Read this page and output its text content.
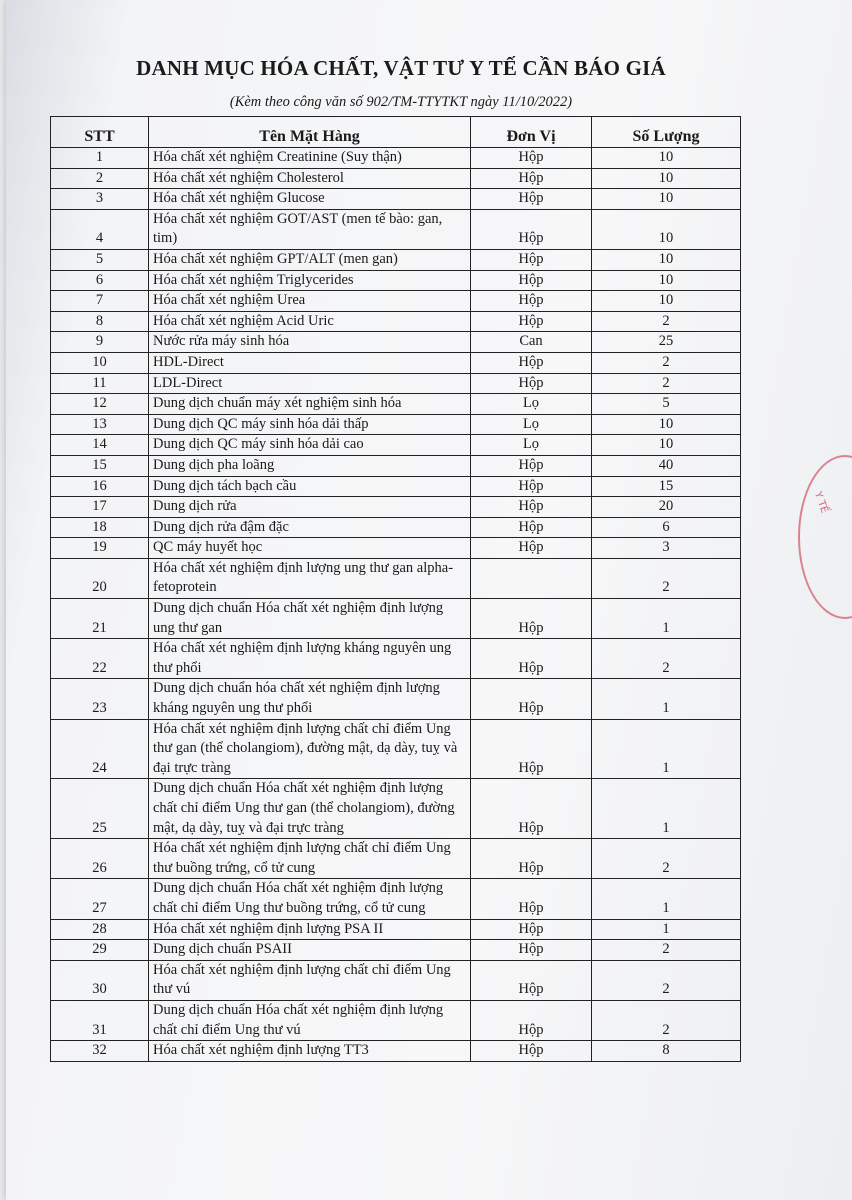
DANH MỤC HÓA CHẤT, VẬT TƯ Y TẾ CẦN BÁO GIÁ
(Kèm theo công văn số 902/TM-TTYTKT ngày 11/10/2022)
STT	Tên Mặt Hàng	Đơn Vị	Số Lượng
1	Hóa chất xét nghiệm Creatinine (Suy thận)	Hộp	10
2	Hóa chất xét nghiệm Cholesterol	Hộp	10
3	Hóa chất xét nghiệm Glucose	Hộp	10
4	Hóa chất xét nghiệm GOT/AST (men tế bào: gan, tim)	Hộp	10
5	Hóa chất xét nghiệm GPT/ALT (men gan)	Hộp	10
6	Hóa chất xét nghiệm Triglycerides	Hộp	10
7	Hóa chất xét nghiệm Urea	Hộp	10
8	Hóa chất xét nghiệm Acid Uric	Hộp	2
9	Nước rửa máy sinh hóa	Can	25
10	HDL-Direct	Hộp	2
11	LDL-Direct	Hộp	2
12	Dung dịch chuẩn máy xét nghiệm sinh hóa	Lọ	5
13	Dung dịch QC máy sinh hóa dải thấp	Lọ	10
14	Dung dịch QC máy sinh hóa dải cao	Lọ	10
15	Dung dịch pha loãng	Hộp	40
16	Dung dịch tách bạch cầu	Hộp	15
17	Dung dịch rửa	Hộp	20
18	Dung dịch rửa đậm đặc	Hộp	6
19	QC máy huyết học	Hộp	3
20	Hóa chất xét nghiệm định lượng ung thư gan alpha-fetoprotein		2
21	Dung dịch chuẩn Hóa chất xét nghiệm định lượng ung thư gan	Hộp	1
22	Hóa chất xét nghiệm định lượng kháng nguyên ung thư phổi	Hộp	2
23	Dung dịch chuẩn hóa chất xét nghiệm định lượng kháng nguyên ung thư phổi	Hộp	1
24	Hóa chất xét nghiệm định lượng chất chỉ điểm Ung thư gan (thể cholangiom), đường mật, dạ dày, tuỵ và đại trực tràng	Hộp	1
25	Dung dịch chuẩn Hóa chất xét nghiệm định lượng chất chỉ điểm Ung thư gan (thể cholangiom), đường mật, dạ dày, tuỵ và đại trực tràng	Hộp	1
26	Hóa chất xét nghiệm định lượng chất chỉ điểm Ung thư buồng trứng, cổ tử cung	Hộp	2
27	Dung dịch chuẩn Hóa chất xét nghiệm định lượng chất chỉ điểm Ung thư buồng trứng, cổ tử cung	Hộp	1
28	Hóa chất xét nghiệm định lượng PSA II	Hộp	1
29	Dung dịch chuẩn PSAII	Hộp	2
30	Hóa chất xét nghiệm định lượng chất chỉ điểm Ung thư vú	Hộp	2
31	Dung dịch chuẩn Hóa chất xét nghiệm định lượng chất chỉ điểm Ung thư vú	Hộp	2
32	Hóa chất xét nghiệm định lượng TT3	Hộp	8
Y TẾ
